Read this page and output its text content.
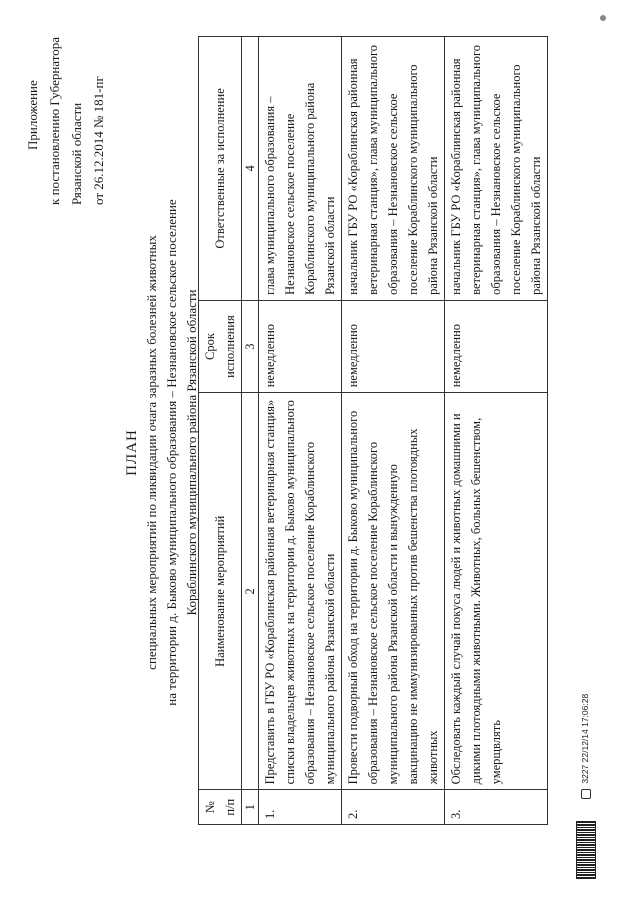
Приложение к постановлению Губернатора Рязанской области от 26.12.2014 № 181-пг
ПЛАН специальных мероприятий по ликвидации очага заразных болезней животных на территории д. Быково муниципального образования – Незнановское сельское поселение Кораблинского муниципального района Рязанской области
№ п/п	Наименование мероприятий	Срок исполнения	Ответственные за исполнение
1	2	3	4
1.	Представить в ГБУ РО «Кораблинская районная ветеринарная станция» списки владельцев животных на территории д. Быково муниципального образования – Незнановское сельское поселение Кораблинского муниципального района Рязанской области	немедленно	глава муниципального образования – Незнановское сельское поселение Кораблинского муниципального района Рязанской области
2.	Провести подворный обход на территории д. Быково муниципального образования – Незнановское сельское поселение Кораблинского муниципального района Рязанской области и вынужденную вакцинацию не иммунизированных против бешенства плотоядных животных	немедленно	начальник ГБУ РО «Кораблинская районная ветеринарная станция», глава муниципального образования – Незнановское сельское поселение Кораблинского муниципального района Рязанской области
3.	Обследовать каждый случай покуса людей и животных домашними и дикими плотоядными животными. Животных, больных бешенством, умерщвлять	немедленно	начальник ГБУ РО «Кораблинская районная ветеринарная станция», глава муниципального образования – Незнановское сельское поселение Кораблинского муниципального района Рязанской области
3227 22/12/14 17:06:28
